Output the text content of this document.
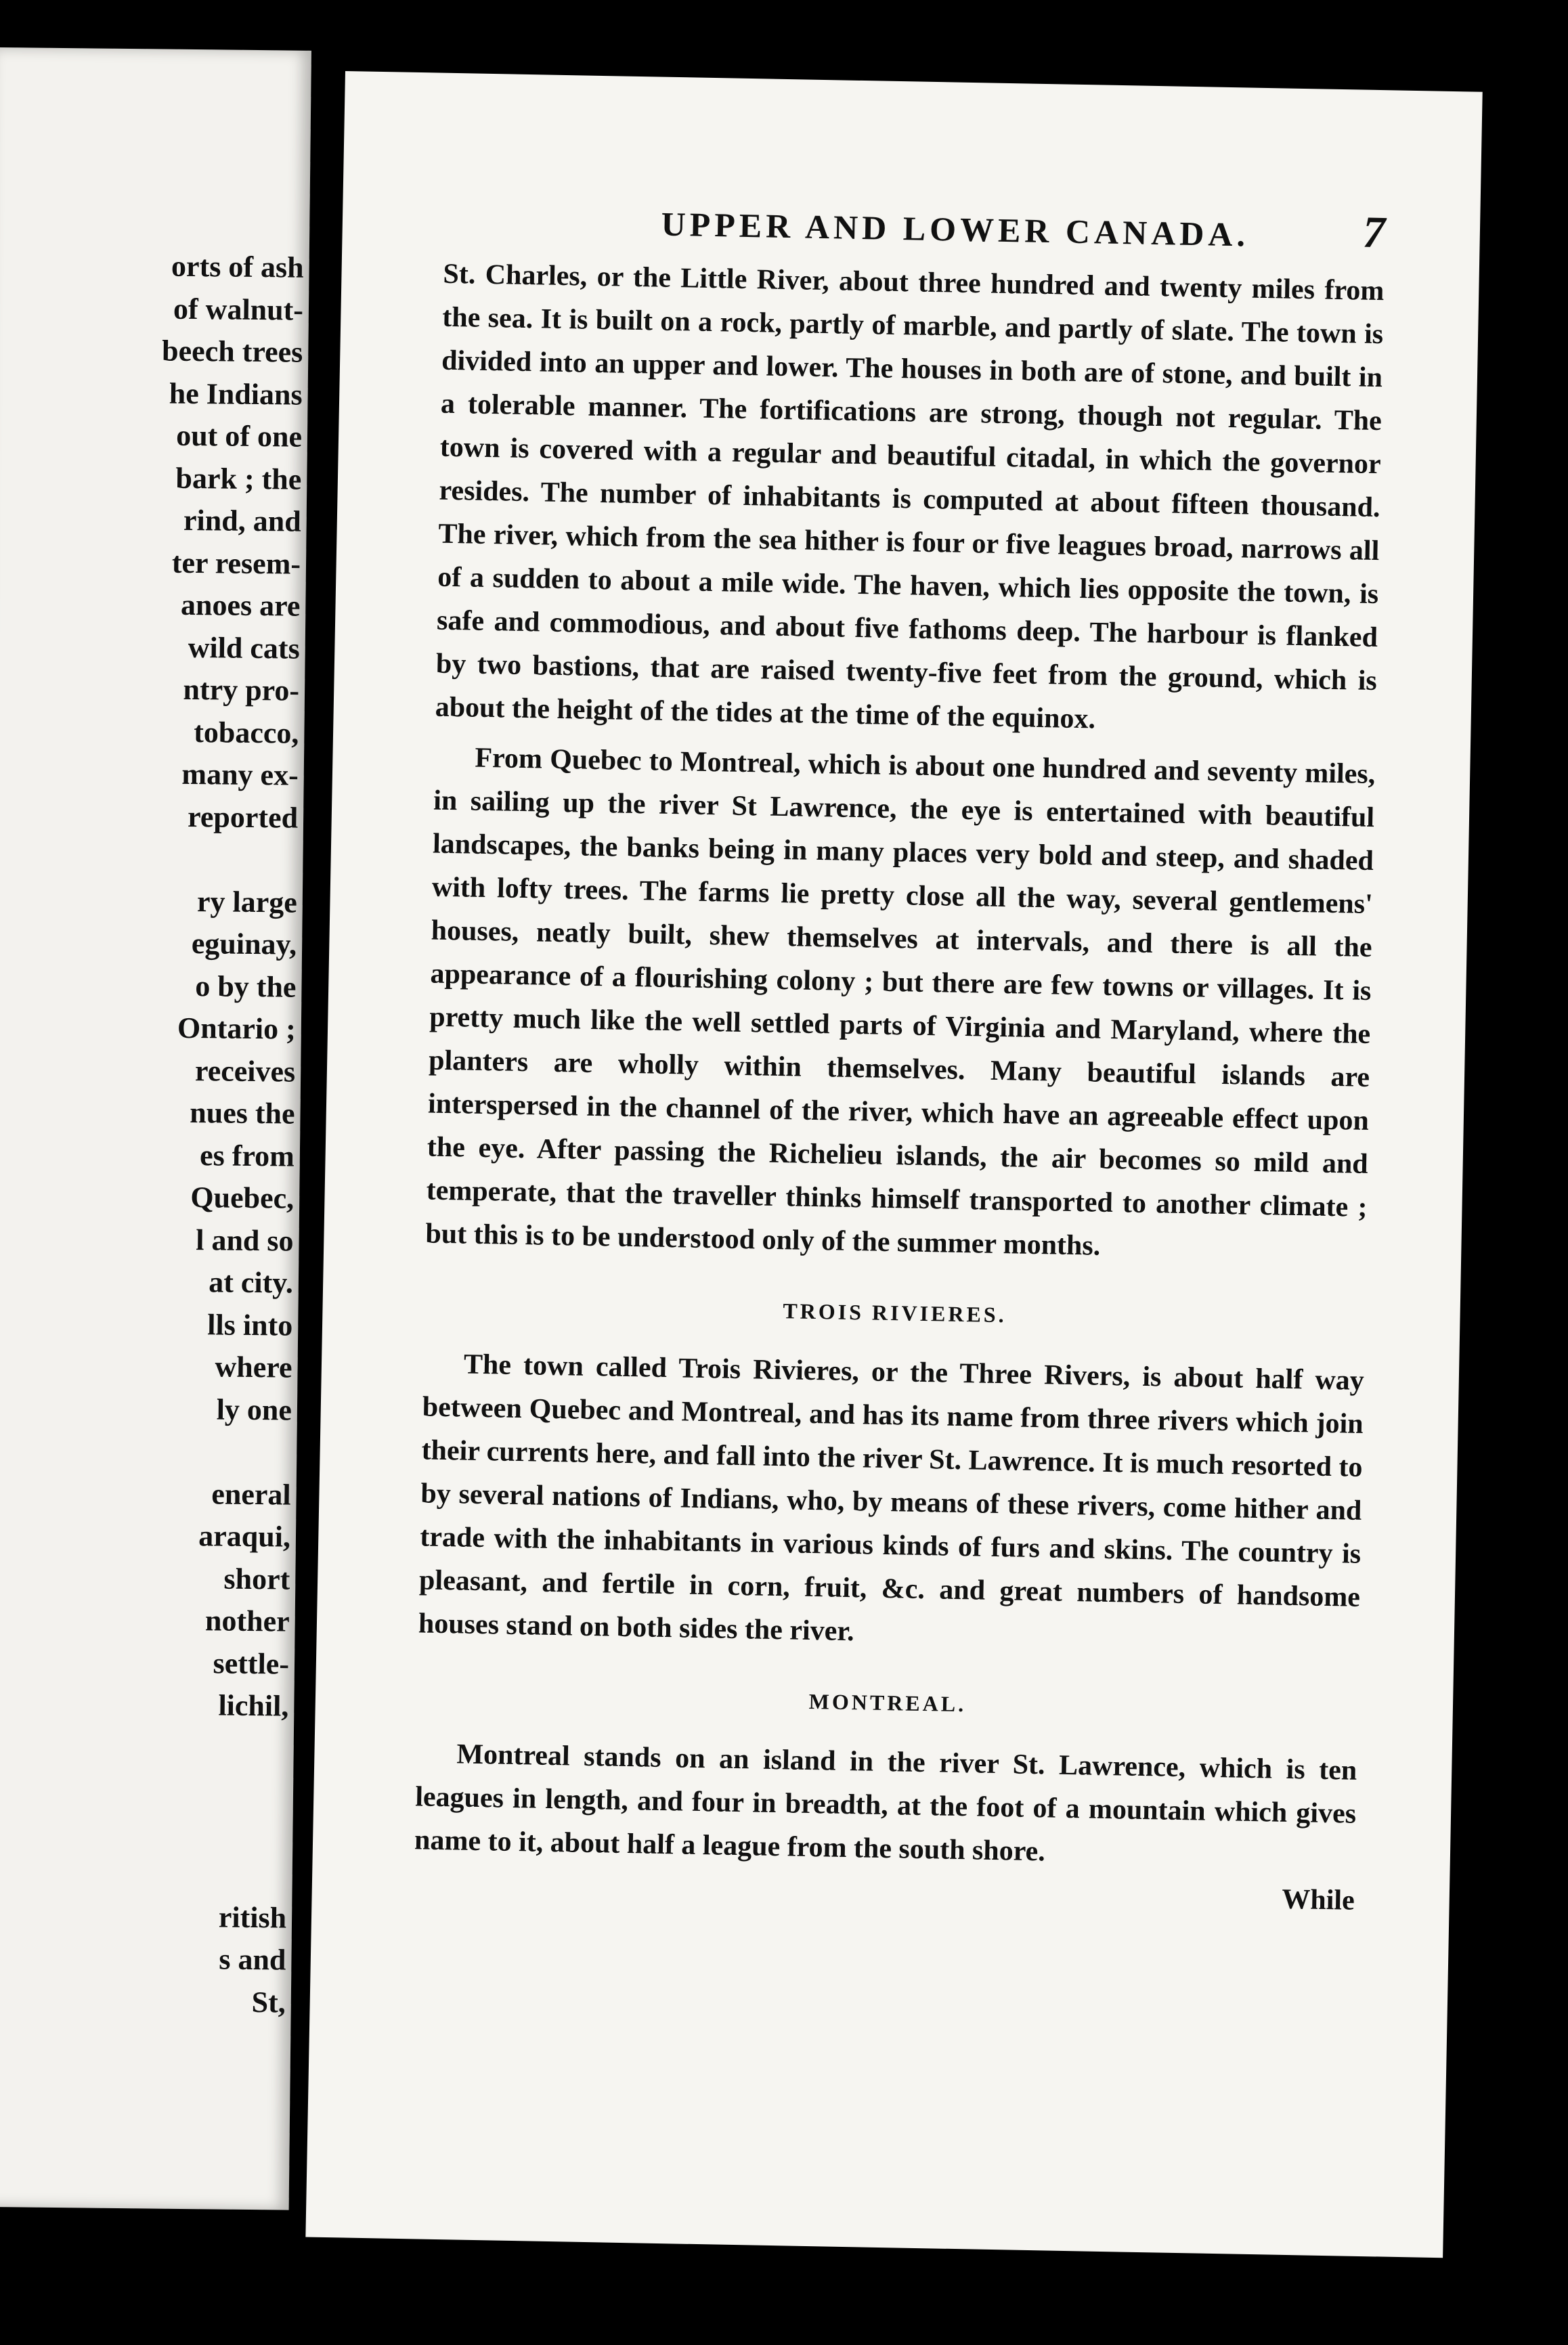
orts of ash
of walnut-
beech trees
he Indians
out of one
bark ; the
rind, and
ter resem-
anoes are
wild cats
ntry pro-
tobacco,
many ex-
reported
ry large
eguinay,
o by the
Ontario ;
receives
nues the
es from
Quebec,
l and so
at city.
lls into
where
ly one
eneral
araqui,
short
nother
settle-
lichil,
ritish
s and
St,
UPPER AND LOWER CANADA.	7

St. Charles, or the Little River, about three hundred and twenty miles from the sea. It is built on a rock, partly of marble, and partly of slate. The town is divided into an upper and lower. The houses in both are of stone, and built in a tolerable manner. The fortifications are strong, though not regular. The town is covered with a regular and beautiful citadal, in which the governor resides. The number of inhabitants is computed at about fifteen thousand. The river, which from the sea hither is four or five leagues broad, narrows all of a sudden to about a mile wide. The haven, which lies opposite the town, is safe and commodious, and about five fathoms deep. The harbour is flanked by two bastions, that are raised twenty-five feet from the ground, which is about the height of the tides at the time of the equinox.

From Quebec to Montreal, which is about one hundred and seventy miles, in sailing up the river St Lawrence, the eye is entertained with beautiful landscapes, the banks being in many places very bold and steep, and shaded with lofty trees. The farms lie pretty close all the way, several gentlemens' houses, neatly built, shew themselves at intervals, and there is all the appearance of a flourishing colony ; but there are few towns or villages. It is pretty much like the well settled parts of Virginia and Maryland, where the planters are wholly within themselves. Many beautiful islands are interspersed in the channel of the river, which have an agreeable effect upon the eye. After passing the Richelieu islands, the air becomes so mild and temperate, that the traveller thinks himself transported to another climate ; but this is to be understood only of the summer months.

TROIS RIVIERES.

The town called Trois Rivieres, or the Three Rivers, is about half way between Quebec and Montreal, and has its name from three rivers which join their currents here, and fall into the river St. Lawrence. It is much resorted to by several nations of Indians, who, by means of these rivers, come hither and trade with the inhabitants in various kinds of furs and skins. The country is pleasant, and fertile in corn, fruit, &c. and great numbers of handsome houses stand on both sides the river.

MONTREAL.

Montreal stands on an island in the river St. Lawrence, which is ten leagues in length, and four in breadth, at the foot of a mountain which gives name to it, about half a league from the south shore.

While
